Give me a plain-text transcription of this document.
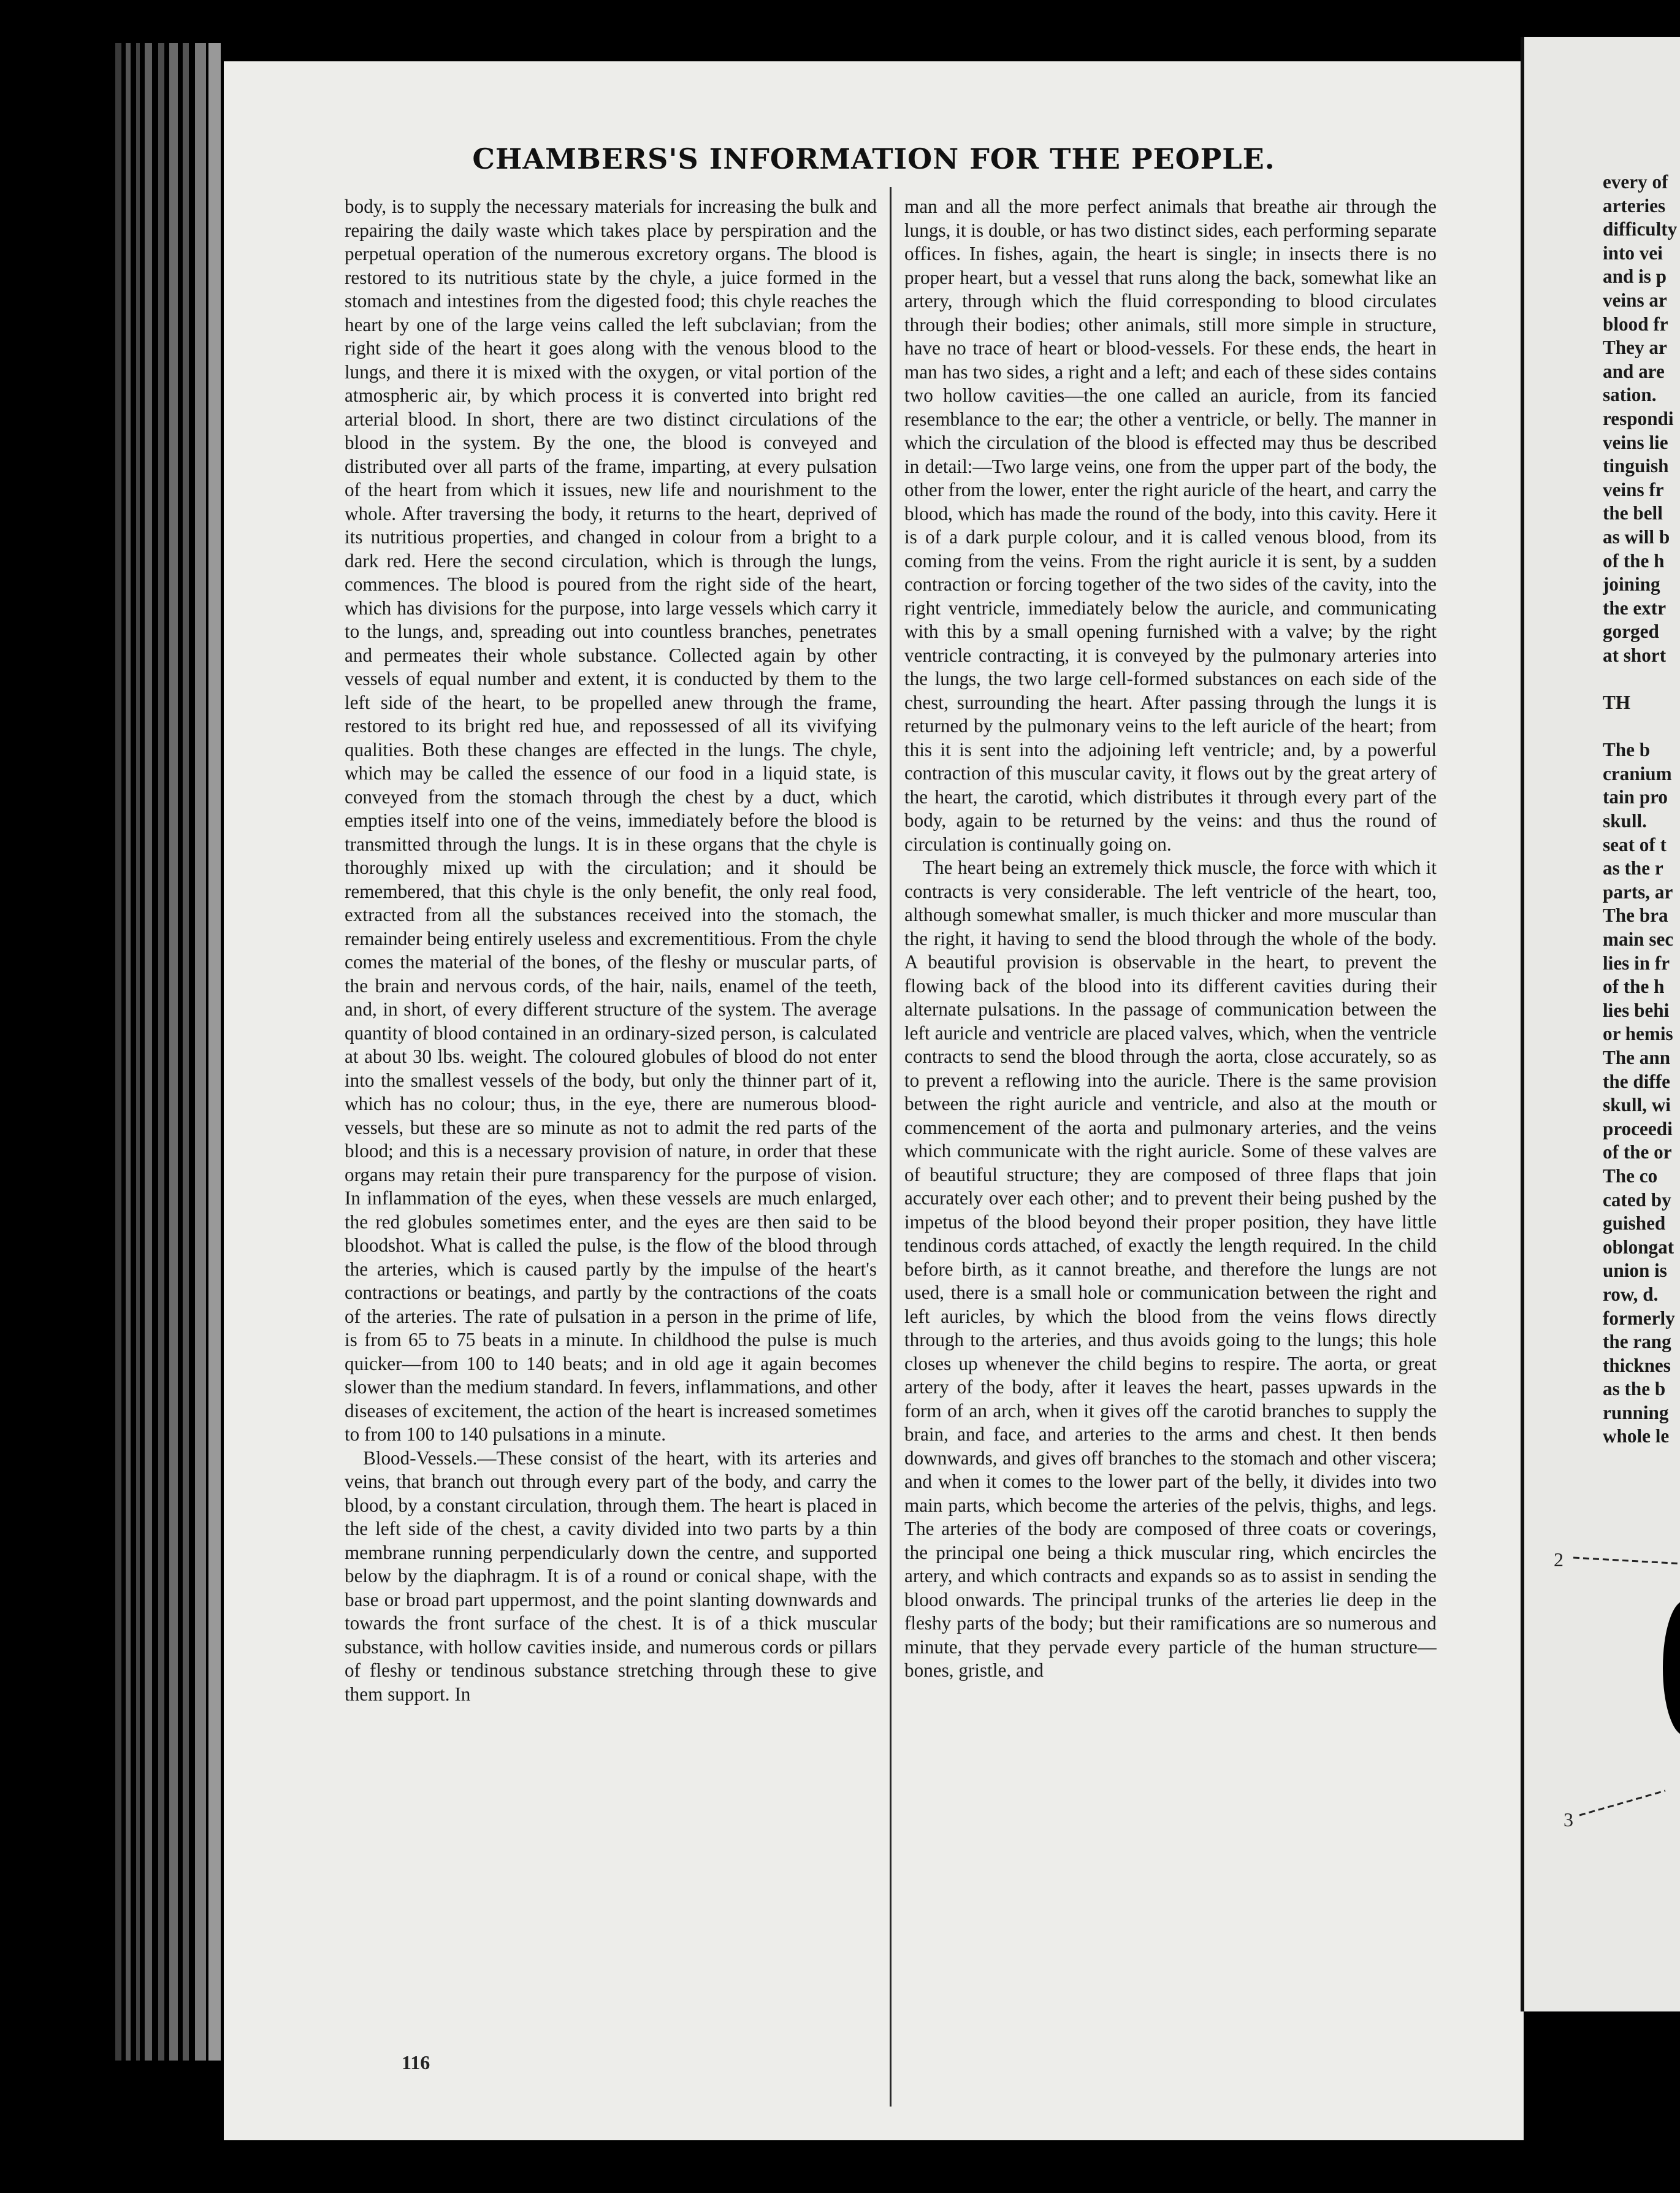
CHAMBERS'S INFORMATION FOR THE PEOPLE.

body, is to supply the necessary materials for increasing the bulk and repairing the daily waste which takes place by perspiration and the perpetual operation of the numerous excretory organs. The blood is restored to its nutritious state by the chyle, a juice formed in the stomach and intestines from the digested food; this chyle reaches the heart by one of the large veins called the left subclavian; from the right side of the heart it goes along with the venous blood to the lungs, and there it is mixed with the oxygen, or vital portion of the atmospheric air, by which process it is converted into bright red arterial blood. In short, there are two distinct circulations of the blood in the system. By the one, the blood is conveyed and distributed over all parts of the frame, imparting, at every pulsation of the heart from which it issues, new life and nourishment to the whole. After traversing the body, it returns to the heart, deprived of its nutritious properties, and changed in colour from a bright to a dark red. Here the second circulation, which is through the lungs, commences. The blood is poured from the right side of the heart, which has divisions for the purpose, into large vessels which carry it to the lungs, and, spreading out into countless branches, penetrates and permeates their whole substance. Collected again by other vessels of equal number and extent, it is conducted by them to the left side of the heart, to be propelled anew through the frame, restored to its bright red hue, and repossessed of all its vivifying qualities. Both these changes are effected in the lungs. The chyle, which may be called the essence of our food in a liquid state, is conveyed from the stomach through the chest by a duct, which empties itself into one of the veins, immediately before the blood is transmitted through the lungs. It is in these organs that the chyle is thoroughly mixed up with the circulation; and it should be remembered, that this chyle is the only benefit, the only real food, extracted from all the substances received into the stomach, the remainder being entirely useless and excrementitious. From the chyle comes the material of the bones, of the fleshy or muscular parts, of the brain and nervous cords, of the hair, nails, enamel of the teeth, and, in short, of every different structure of the system. The average quantity of blood contained in an ordinary-sized person, is calculated at about 30 lbs. weight. The coloured globules of blood do not enter into the smallest vessels of the body, but only the thinner part of it, which has no colour; thus, in the eye, there are numerous blood-vessels, but these are so minute as not to admit the red parts of the blood; and this is a necessary provision of nature, in order that these organs may retain their pure transparency for the purpose of vision. In inflammation of the eyes, when these vessels are much enlarged, the red globules sometimes enter, and the eyes are then said to be bloodshot. What is called the pulse, is the flow of the blood through the arteries, which is caused partly by the impulse of the heart's contractions or beatings, and partly by the contractions of the coats of the arteries. The rate of pulsation in a person in the prime of life, is from 65 to 75 beats in a minute. In childhood the pulse is much quicker—from 100 to 140 beats; and in old age it again becomes slower than the medium standard. In fevers, inflammations, and other diseases of excitement, the action of the heart is increased sometimes to from 100 to 140 pulsations in a minute.

Blood-Vessels.—These consist of the heart, with its arteries and veins, that branch out through every part of the body, and carry the blood, by a constant circulation, through them. The heart is placed in the left side of the chest, a cavity divided into two parts by a thin membrane running perpendicularly down the centre, and supported below by the diaphragm. It is of a round or conical shape, with the base or broad part uppermost, and the point slanting downwards and towards the front surface of the chest. It is of a thick muscular substance, with hollow cavities inside, and numerous cords or pillars of fleshy or tendinous substance stretching through these to give them support. In

man and all the more perfect animals that breathe air through the lungs, it is double, or has two distinct sides, each performing separate offices. In fishes, again, the heart is single; in insects there is no proper heart, but a vessel that runs along the back, somewhat like an artery, through which the fluid corresponding to blood circulates through their bodies; other animals, still more simple in structure, have no trace of heart or blood-vessels. For these ends, the heart in man has two sides, a right and a left; and each of these sides contains two hollow cavities—the one called an auricle, from its fancied resemblance to the ear; the other a ventricle, or belly. The manner in which the circulation of the blood is effected may thus be described in detail:—Two large veins, one from the upper part of the body, the other from the lower, enter the right auricle of the heart, and carry the blood, which has made the round of the body, into this cavity. Here it is of a dark purple colour, and it is called venous blood, from its coming from the veins. From the right auricle it is sent, by a sudden contraction or forcing together of the two sides of the cavity, into the right ventricle, immediately below the auricle, and communicating with this by a small opening furnished with a valve; by the right ventricle contracting, it is conveyed by the pulmonary arteries into the lungs, the two large cell-formed substances on each side of the chest, surrounding the heart. After passing through the lungs it is returned by the pulmonary veins to the left auricle of the heart; from this it is sent into the adjoining left ventricle; and, by a powerful contraction of this muscular cavity, it flows out by the great artery of the heart, the carotid, which distributes it through every part of the body, again to be returned by the veins: and thus the round of circulation is continually going on.

The heart being an extremely thick muscle, the force with which it contracts is very considerable. The left ventricle of the heart, too, although somewhat smaller, is much thicker and more muscular than the right, it having to send the blood through the whole of the body. A beautiful provision is observable in the heart, to prevent the flowing back of the blood into its different cavities during their alternate pulsations. In the passage of communication between the left auricle and ventricle are placed valves, which, when the ventricle contracts to send the blood through the aorta, close accurately, so as to prevent a reflowing into the auricle. There is the same provision between the right auricle and ventricle, and also at the mouth or commencement of the aorta and pulmonary arteries, and the veins which communicate with the right auricle. Some of these valves are of beautiful structure; they are composed of three flaps that join accurately over each other; and to prevent their being pushed by the impetus of the blood beyond their proper position, they have little tendinous cords attached, of exactly the length required. In the child before birth, as it cannot breathe, and therefore the lungs are not used, there is a small hole or communication between the right and left auricles, by which the blood from the veins flows directly through to the arteries, and thus avoids going to the lungs; this hole closes up whenever the child begins to respire. The aorta, or great artery of the body, after it leaves the heart, passes upwards in the form of an arch, when it gives off the carotid branches to supply the brain, and face, and arteries to the arms and chest. It then bends downwards, and gives off branches to the stomach and other viscera; and when it comes to the lower part of the belly, it divides into two main parts, which become the arteries of the pelvis, thighs, and legs. The arteries of the body are composed of three coats or coverings, the principal one being a thick muscular ring, which encircles the artery, and which contracts and expands so as to assist in sending the blood onwards. The principal trunks of the arteries lie deep in the fleshy parts of the body; but their ramifications are so numerous and minute, that they pervade every particle of the human structure—bones, gristle, and

116
2
3
every of
arteries
difficulty
into vei
and is p
veins ar
blood fr
They ar
and are
sation.
respondi
veins lie
tinguish
veins fr
the bell
as will b
of the h
joining
the extr
gorged
at short
TH
The b
cranium
tain pro
skull.
seat of t
as the r
parts, ar
The bra
main sec
lies in fr
of the h
lies behi
or hemis
The ann
the diffe
skull, wi
proceedi
of the or
The co
cated by
guished
oblongat
union is
row, d.
formerly
the rang
thicknes
as the b
running
whole le
